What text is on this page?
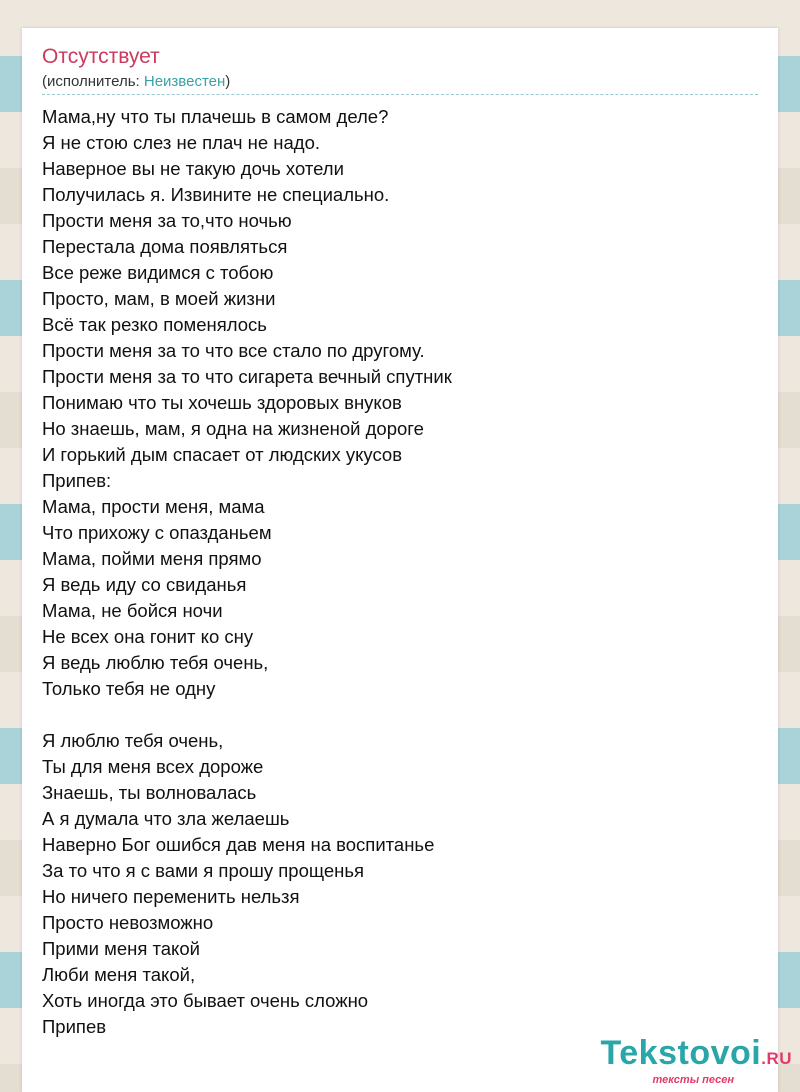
Отсутствует
(исполнитель: Неизвестен)
Мама,ну что ты плачешь в самом деле?
Я не стою слез не плач не надо.
Наверное вы не такую дочь хотели
Получилась я. Извините не специально.
Прости меня за то,что ночью
Перестала дома появляться
Все реже видимся с тобою
Просто, мам, в моей жизни
Всё так резко поменялось
Прости меня за то что все стало по другому.
Прости меня за то что сигарета вечный спутник
Понимаю что ты хочешь здоровых внуков
Но знаешь, мам, я одна на жизненой дороге
И горький дым спасает от людских укусов
Припев:
Мама, прости меня, мама
Что прихожу с опазданьем
Мама, пойми меня прямо
Я ведь иду со свиданья
Мама, не бойся ночи
Не всех она гонит ко сну
Я ведь люблю тебя очень,
Только тебя не одну
Я люблю тебя очень,
Ты для меня всех дороже
Знаешь, ты волновалась
А я думала что зла желаешь
Наверно Бог ошибся дав меня на воспитанье
За то что я с вами я прошу прощенья
Но ничего переменить нельзя
Просто невозможно
Прими меня такой
Люби меня такой,
Хоть иногда это бывает очень сложно
Припев
Tekstovoi.RU
тексты песен
